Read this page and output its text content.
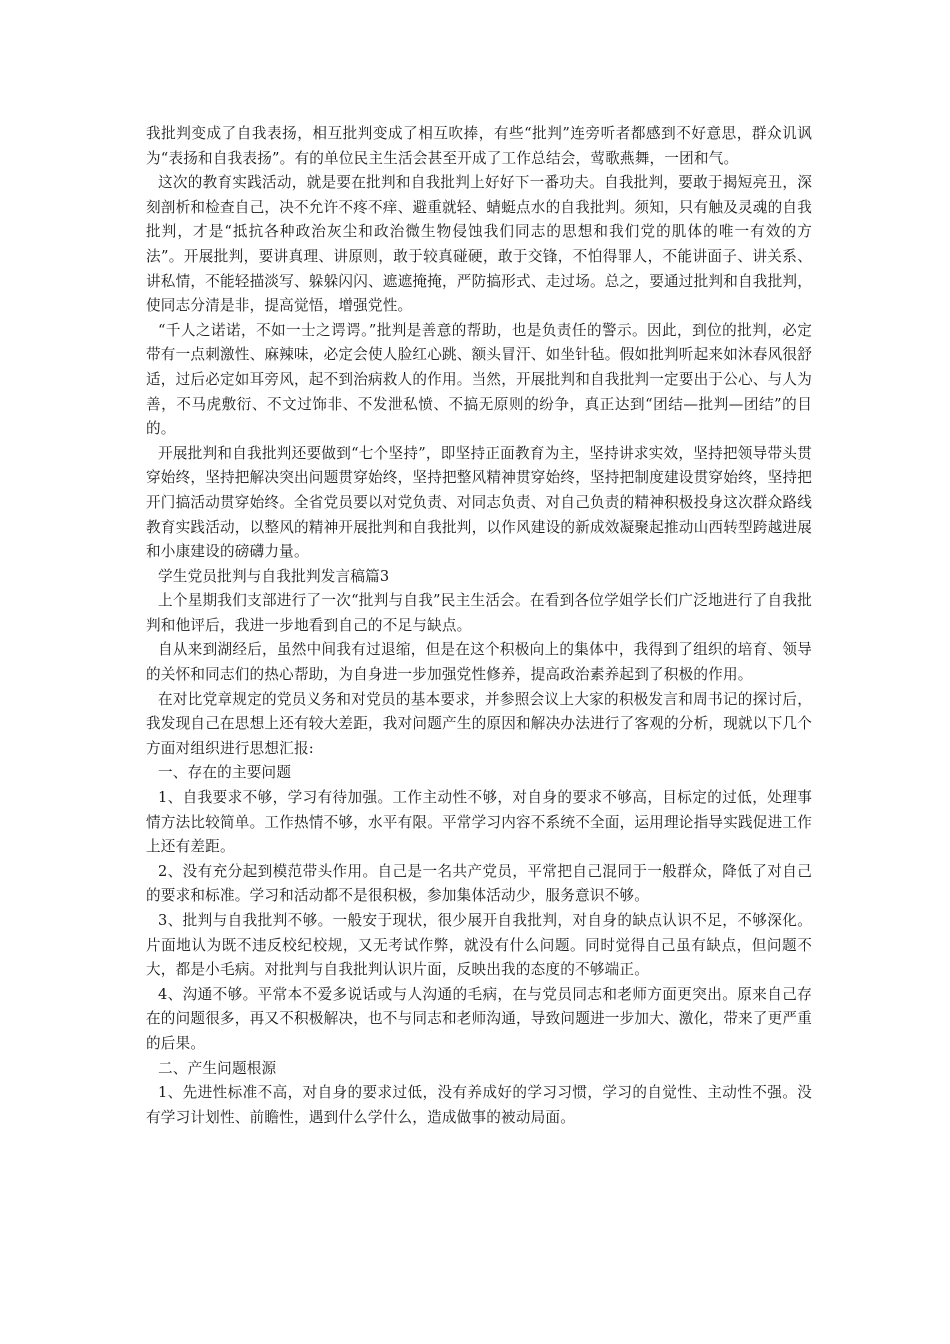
我批判变成了自我表扬，相互批判变成了相互吹捧，有些“批判”连旁听者都感到不好意思，群众讥讽为“表扬和自我表扬”。有的单位民主生活会甚至开成了工作总结会，莺歌燕舞，一团和气。

这次的教育实践活动，就是要在批判和自我批判上好好下一番功夫。自我批判，要敢于揭短亮丑，深刻剖析和检查自己，决不允许不疼不痒、避重就轻、蜻蜓点水的自我批判。须知，只有触及灵魂的自我批判，才是“抵抗各种政治灰尘和政治微生物侵蚀我们同志的思想和我们党的肌体的唯一有效的方法”。开展批判，要讲真理、讲原则，敢于较真碰硬，敢于交锋，不怕得罪人，不能讲面子、讲关系、讲私情，不能轻描淡写、躲躲闪闪、遮遮掩掩，严防搞形式、走过场。总之，要通过批判和自我批判，使同志分清是非，提高觉悟，增强党性。

“千人之诺诺，不如一士之谔谔。”批判是善意的帮助，也是负责任的警示。因此，到位的批判，必定带有一点刺激性、麻辣味，必定会使人脸红心跳、额头冒汗、如坐针毡。假如批判听起来如沐春风很舒适，过后必定如耳旁风，起不到治病救人的作用。当然，开展批判和自我批判一定要出于公心、与人为善，不马虎敷衍、不文过饰非、不发泄私愤、不搞无原则的纷争，真正达到“团结—批判—团结”的目的。

开展批判和自我批判还要做到“七个坚持”，即坚持正面教育为主，坚持讲求实效，坚持把领导带头贯穿始终，坚持把解决突出问题贯穿始终，坚持把整风精神贯穿始终，坚持把制度建设贯穿始终，坚持把开门搞活动贯穿始终。全省党员要以对党负责、对同志负责、对自己负责的精神积极投身这次群众路线教育实践活动，以整风的精神开展批判和自我批判，以作风建设的新成效凝聚起推动山西转型跨越进展和小康建设的磅礴力量。

学生党员批判与自我批判发言稿篇3

上个星期我们支部进行了一次“批判与自我”民主生活会。在看到各位学姐学长们广泛地进行了自我批判和他评后，我进一步地看到自己的不足与缺点。

自从来到湖经后，虽然中间我有过退缩，但是在这个积极向上的集体中，我得到了组织的培育、领导的关怀和同志们的热心帮助，为自身进一步加强党性修养，提高政治素养起到了积极的作用。

在对比党章规定的党员义务和对党员的基本要求，并参照会议上大家的积极发言和周书记的探讨后，我发现自己在思想上还有较大差距，我对问题产生的原因和解决办法进行了客观的分析，现就以下几个方面对组织进行思想汇报:

一、存在的主要问题

1、自我要求不够，学习有待加强。工作主动性不够，对自身的要求不够高，目标定的过低，处理事情方法比较简单。工作热情不够，水平有限。平常学习内容不系统不全面，运用理论指导实践促进工作上还有差距。

2、没有充分起到模范带头作用。自己是一名共产党员，平常把自己混同于一般群众，降低了对自己的要求和标准。学习和活动都不是很积极，参加集体活动少，服务意识不够。

3、批判与自我批判不够。一般安于现状，很少展开自我批判，对自身的缺点认识不足，不够深化。片面地认为既不违反校纪校规，又无考试作弊，就没有什么问题。同时觉得自己虽有缺点，但问题不大，都是小毛病。对批判与自我批判认识片面，反映出我的态度的不够端正。

4、沟通不够。平常本不爱多说话或与人沟通的毛病，在与党员同志和老师方面更突出。原来自己存在的问题很多，再又不积极解决，也不与同志和老师沟通，导致问题进一步加大、激化，带来了更严重的后果。

二、产生问题根源

1、先进性标准不高，对自身的要求过低，没有养成好的学习习惯，学习的自觉性、主动性不强。没有学习计划性、前瞻性，遇到什么学什么，造成做事的被动局面。
